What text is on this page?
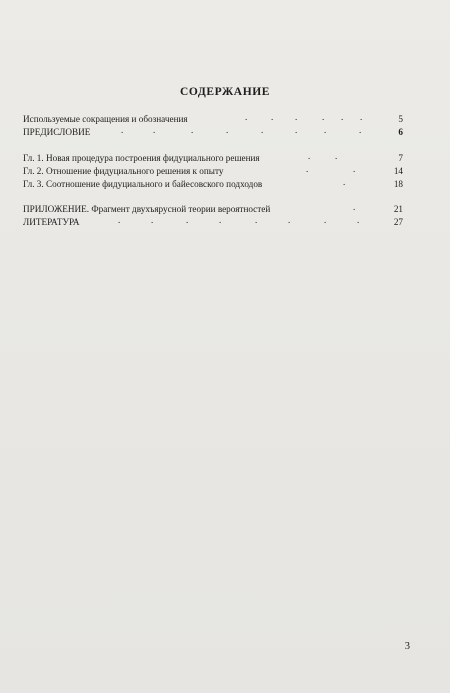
СОДЕРЖАНИЕ
Используемые сокращения и обозначения	.	. .	. . .	5
ПРЕДИСЛОВИЕ	.	.	.	.	.	.	.	.	6
Гл. 1. Новая процедура построения фидуциального решения	.	.	7
Гл. 2. Отношение фидуциального решения к опыту	.	.	14
Гл. 3. Соотношение фидуциального и байесовского подходов	.	18
ПРИЛОЖЕНИЕ. Фрагмент двухъярусной теории вероятностей	.	21
ЛИТЕРАТУРА	.	.	.	.	.	.	.	.	27
3
